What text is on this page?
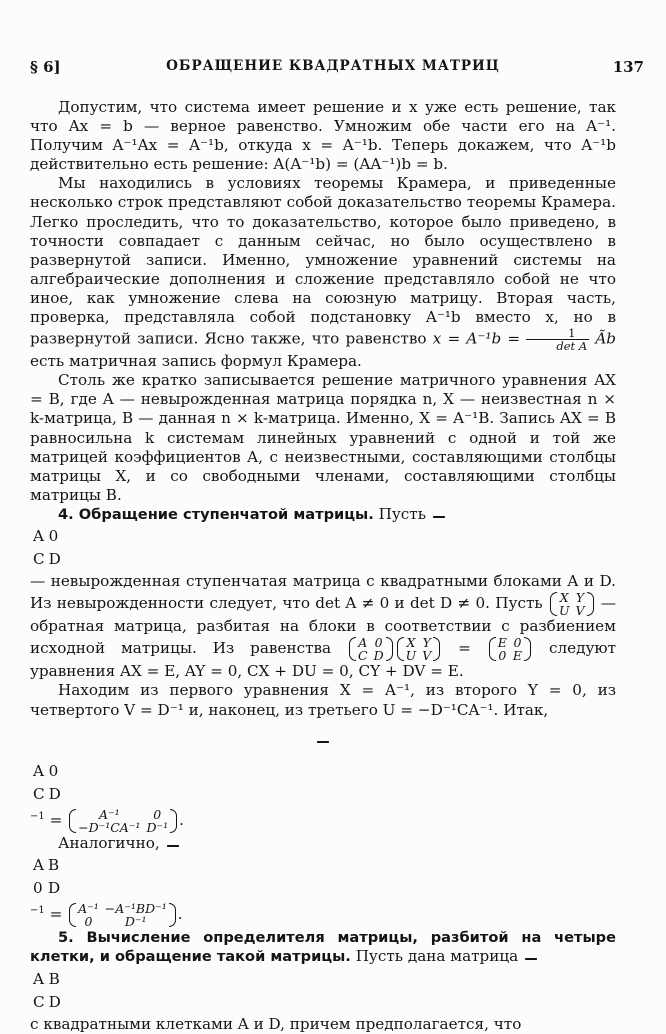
§ 6]	ОБРАЩЕНИЕ КВАДРАТНЫХ МАТРИЦ	137

Допустим, что система имеет решение и x уже есть решение, так что Ax = b — верное равенство. Умножим обе части его на A⁻¹. Получим A⁻¹Ax = A⁻¹b, откуда x = A⁻¹b. Теперь докажем, что A⁻¹b действительно есть решение: A(A⁻¹b) = (AA⁻¹)b = b.

Мы находились в условиях теоремы Крамера, и приведенные несколько строк представляют собой доказательство теоремы Крамера. Легко проследить, что то доказательство, которое было приведено, в точности совпадает с данным сейчас, но было осуществлено в развернутой записи. Именно, умножение уравнений системы на алгебраические дополнения и сложение представляло собой не что иное, как умножение слева на союзную матрицу. Вторая часть, проверка, представляла собой подстановку A⁻¹b вместо x, но в развернутой записи. Ясно также, что равенство $x = A^{-1}b = \frac{1}{\text{det A}}$ Ãb есть матричная запись формул Крамера.

Столь же кратко записывается решение матричного уравнения AX = B, где A — невырожденная матрица порядка n, X — неизвестная n × k-матрица, B — данная n × k-матрица. Именно, X = A⁻¹B. Запись AX = B равносильна k системам линейных уравнений с одной и той же матрицей коэффициентов A, с неизвестными, составляющими столбцы матрицы X, и со свободными членами, составляющими столбцы матрицы B.

4. Обращение ступенчатой матрицы. Пусть

A	0
C	D
— невырожденная ступенчатая матрица с квадратными блоками A и D. Из невырожденности следует, что det A ≠ 0 и det D ≠ 0. Пусть X	Y
U	V — обратная матрица, разбитая на блоки в соответствии с разбиением исходной матрицы. Из равенства A	0
C	D
X	Y
U	V = E	0
0	E следуют уравнения AX = E, AY = 0, CX + DU = 0, CY + DV = E.

Находим из первого уравнения X = A⁻¹, из второго Y = 0, из четвертого V = D⁻¹ и, наконец, из третьего U = −D⁻¹CA⁻¹. Итак,

A	0
C	D
$^{-1}$ =	A⁻¹	0
−D⁻¹CA⁻¹	D⁻¹ .

Аналогично,

A	B
0	D
$^{-1}$ = A⁻¹	−A⁻¹BD⁻¹
0	D⁻¹ .

5. Вычисление определителя матрицы, разбитой на четыре клетки, и обращение такой матрицы. Пусть дана матрица

A	B
C	D
с квадратными клетками A и D, причем предполагается, что
